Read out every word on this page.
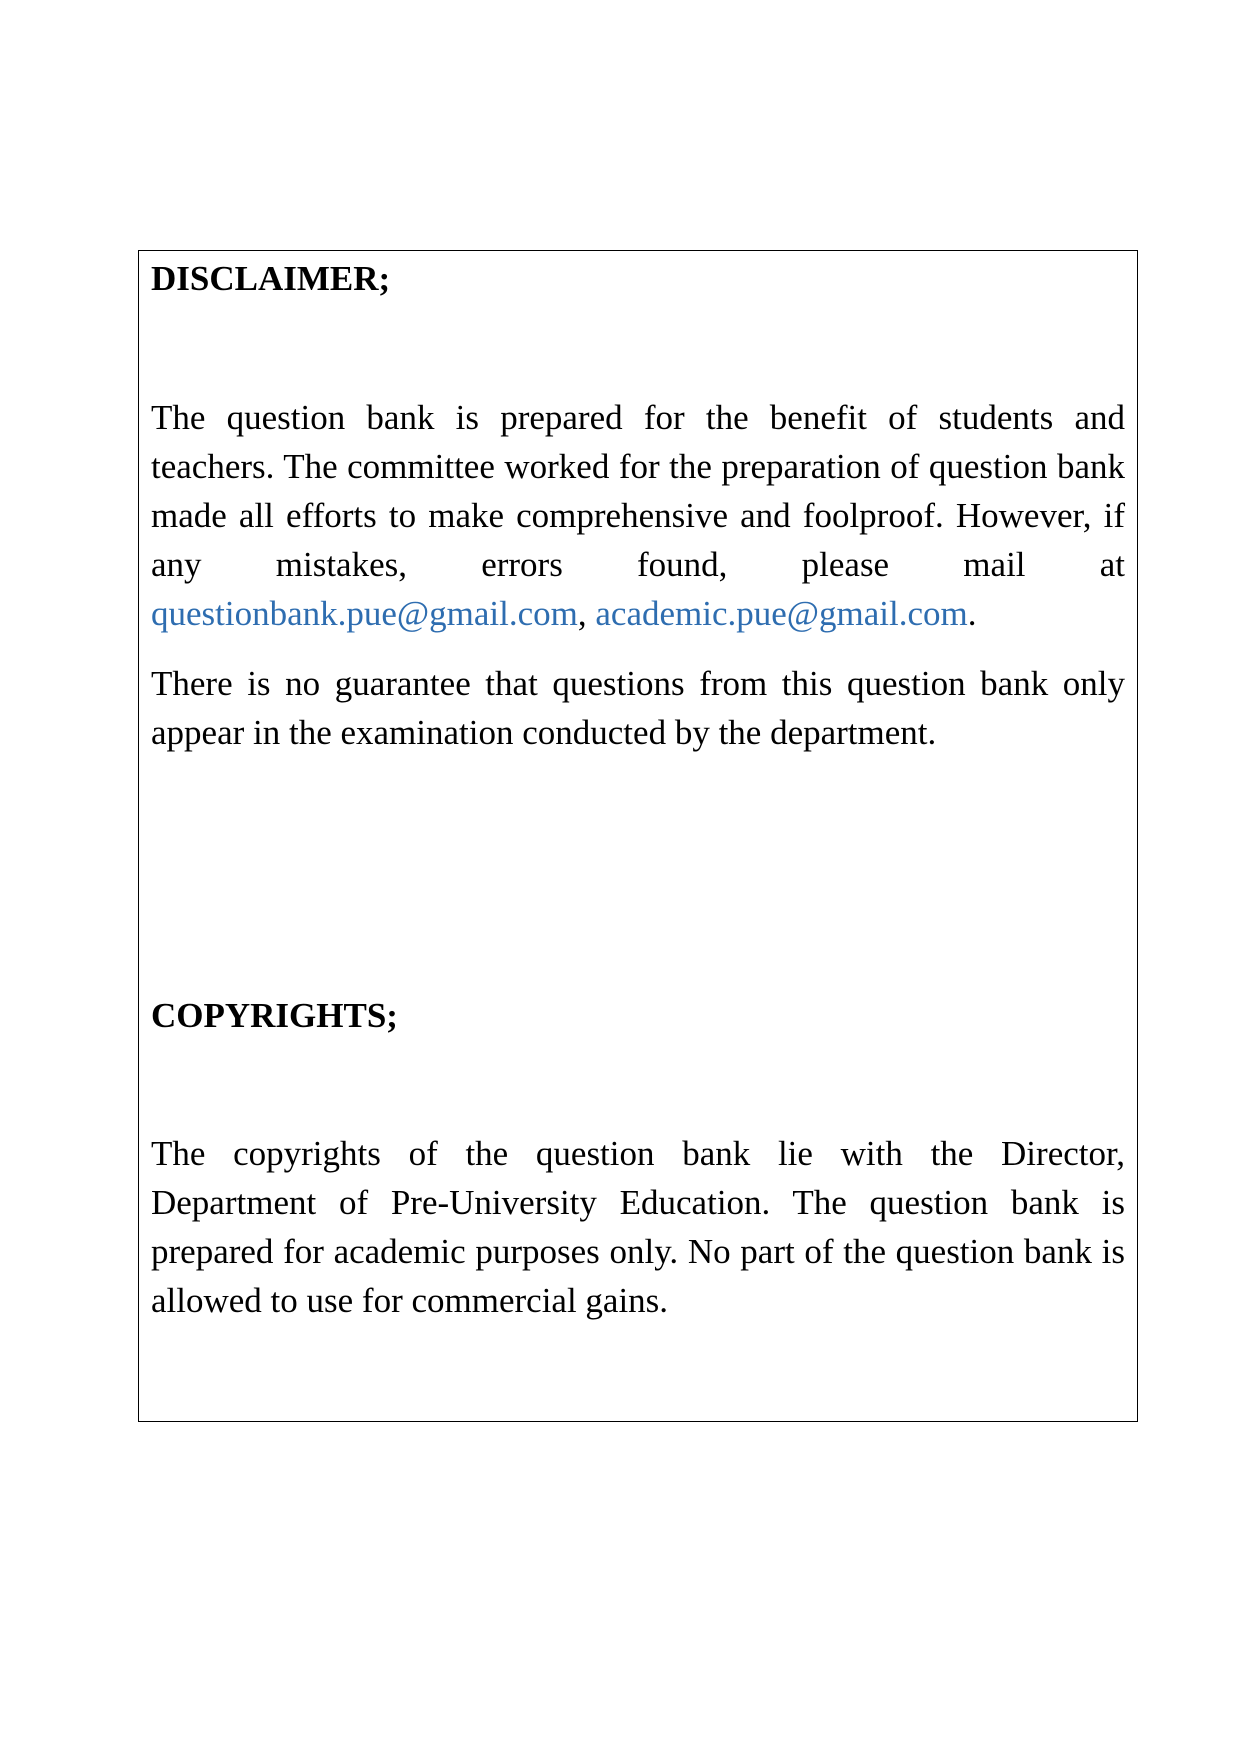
DISCLAIMER;

The question bank is prepared for the benefit of students and teachers. The committee worked for the preparation of question bank made all efforts to make comprehensive and foolproof. However, if any mistakes, errors found, please mail at questionbank.pue@gmail.com, academic.pue@gmail.com.

There is no guarantee that questions from this question bank only appear in the examination conducted by the department.

COPYRIGHTS;

The copyrights of the question bank lie with the Director, Department of Pre-University Education. The question bank is prepared for academic purposes only. No part of the question bank is allowed to use for commercial gains.
